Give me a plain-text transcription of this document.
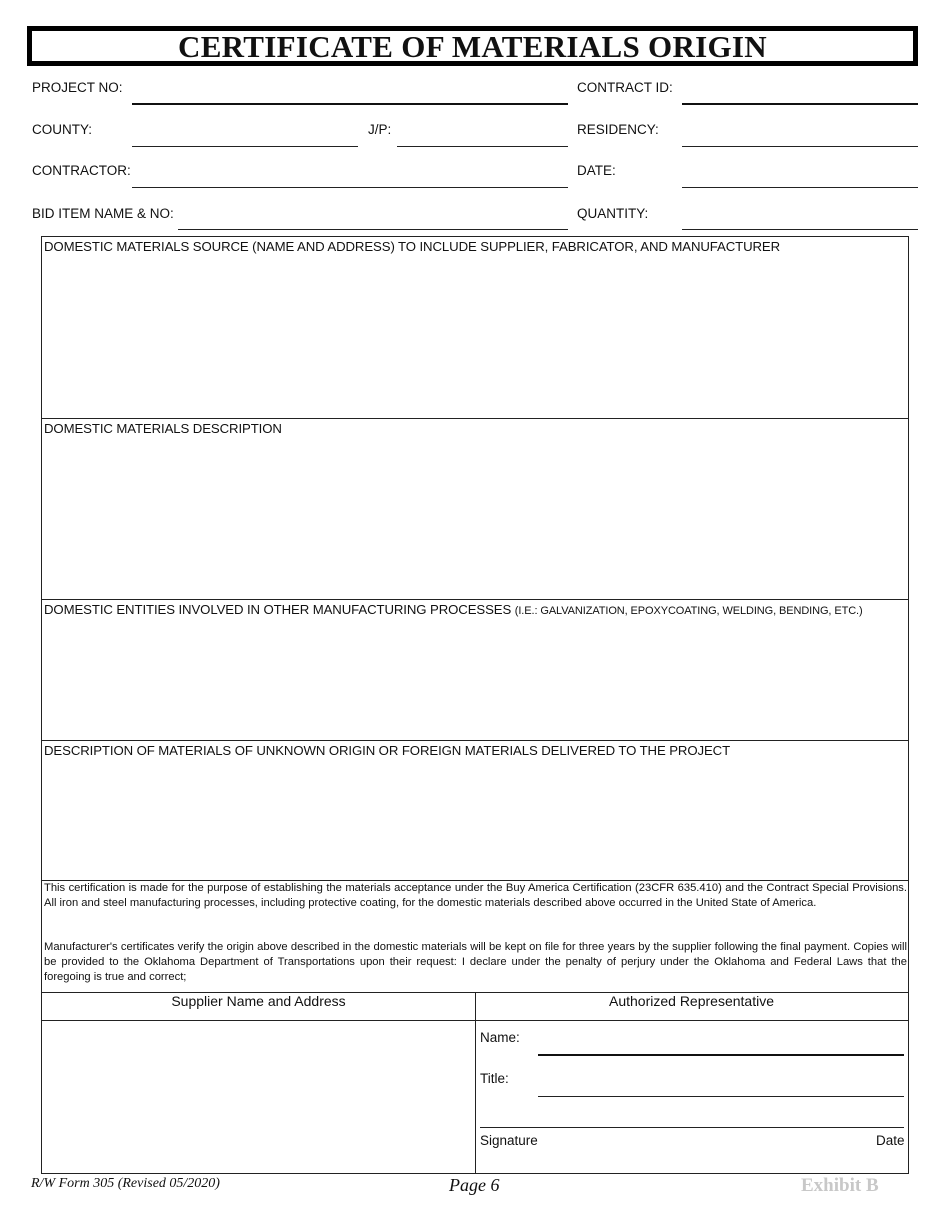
CERTIFICATE OF MATERIALS ORIGIN
PROJECT NO:	CONTRACT ID:
COUNTY:	J/P:	RESIDENCY:
CONTRACTOR:	DATE:
BID ITEM NAME & NO:	QUANTITY:
DOMESTIC MATERIALS SOURCE (NAME AND ADDRESS) TO INCLUDE SUPPLIER, FABRICATOR, AND MANUFACTURER
DOMESTIC MATERIALS DESCRIPTION
DOMESTIC ENTITIES INVOLVED IN OTHER MANUFACTURING PROCESSES (I.E.: GALVANIZATION, EPOXYCOATING, WELDING, BENDING, ETC.)
DESCRIPTION OF MATERIALS OF UNKNOWN ORIGIN OR FOREIGN MATERIALS DELIVERED TO THE PROJECT
This certification is made for the purpose of establishing the materials acceptance under the Buy America Certification (23CFR 635.410) and the Contract Special Provisions. All iron and steel manufacturing processes, including protective coating, for the domestic materials described above occurred in the United State of America.
Manufacturer's certificates verify the origin above described in the domestic materials will be kept on file for three years by the supplier following the final payment. Copies will be provided to the Oklahoma Department of Transportations upon their request: I declare under the penalty of perjury under the Oklahoma and Federal Laws that the foregoing is true and correct;
Supplier Name and Address	Authorized Representative
Name:
Title:
Signature	Date
R/W Form 305 (Revised 05/2020)	Page 6	Exhibit B
